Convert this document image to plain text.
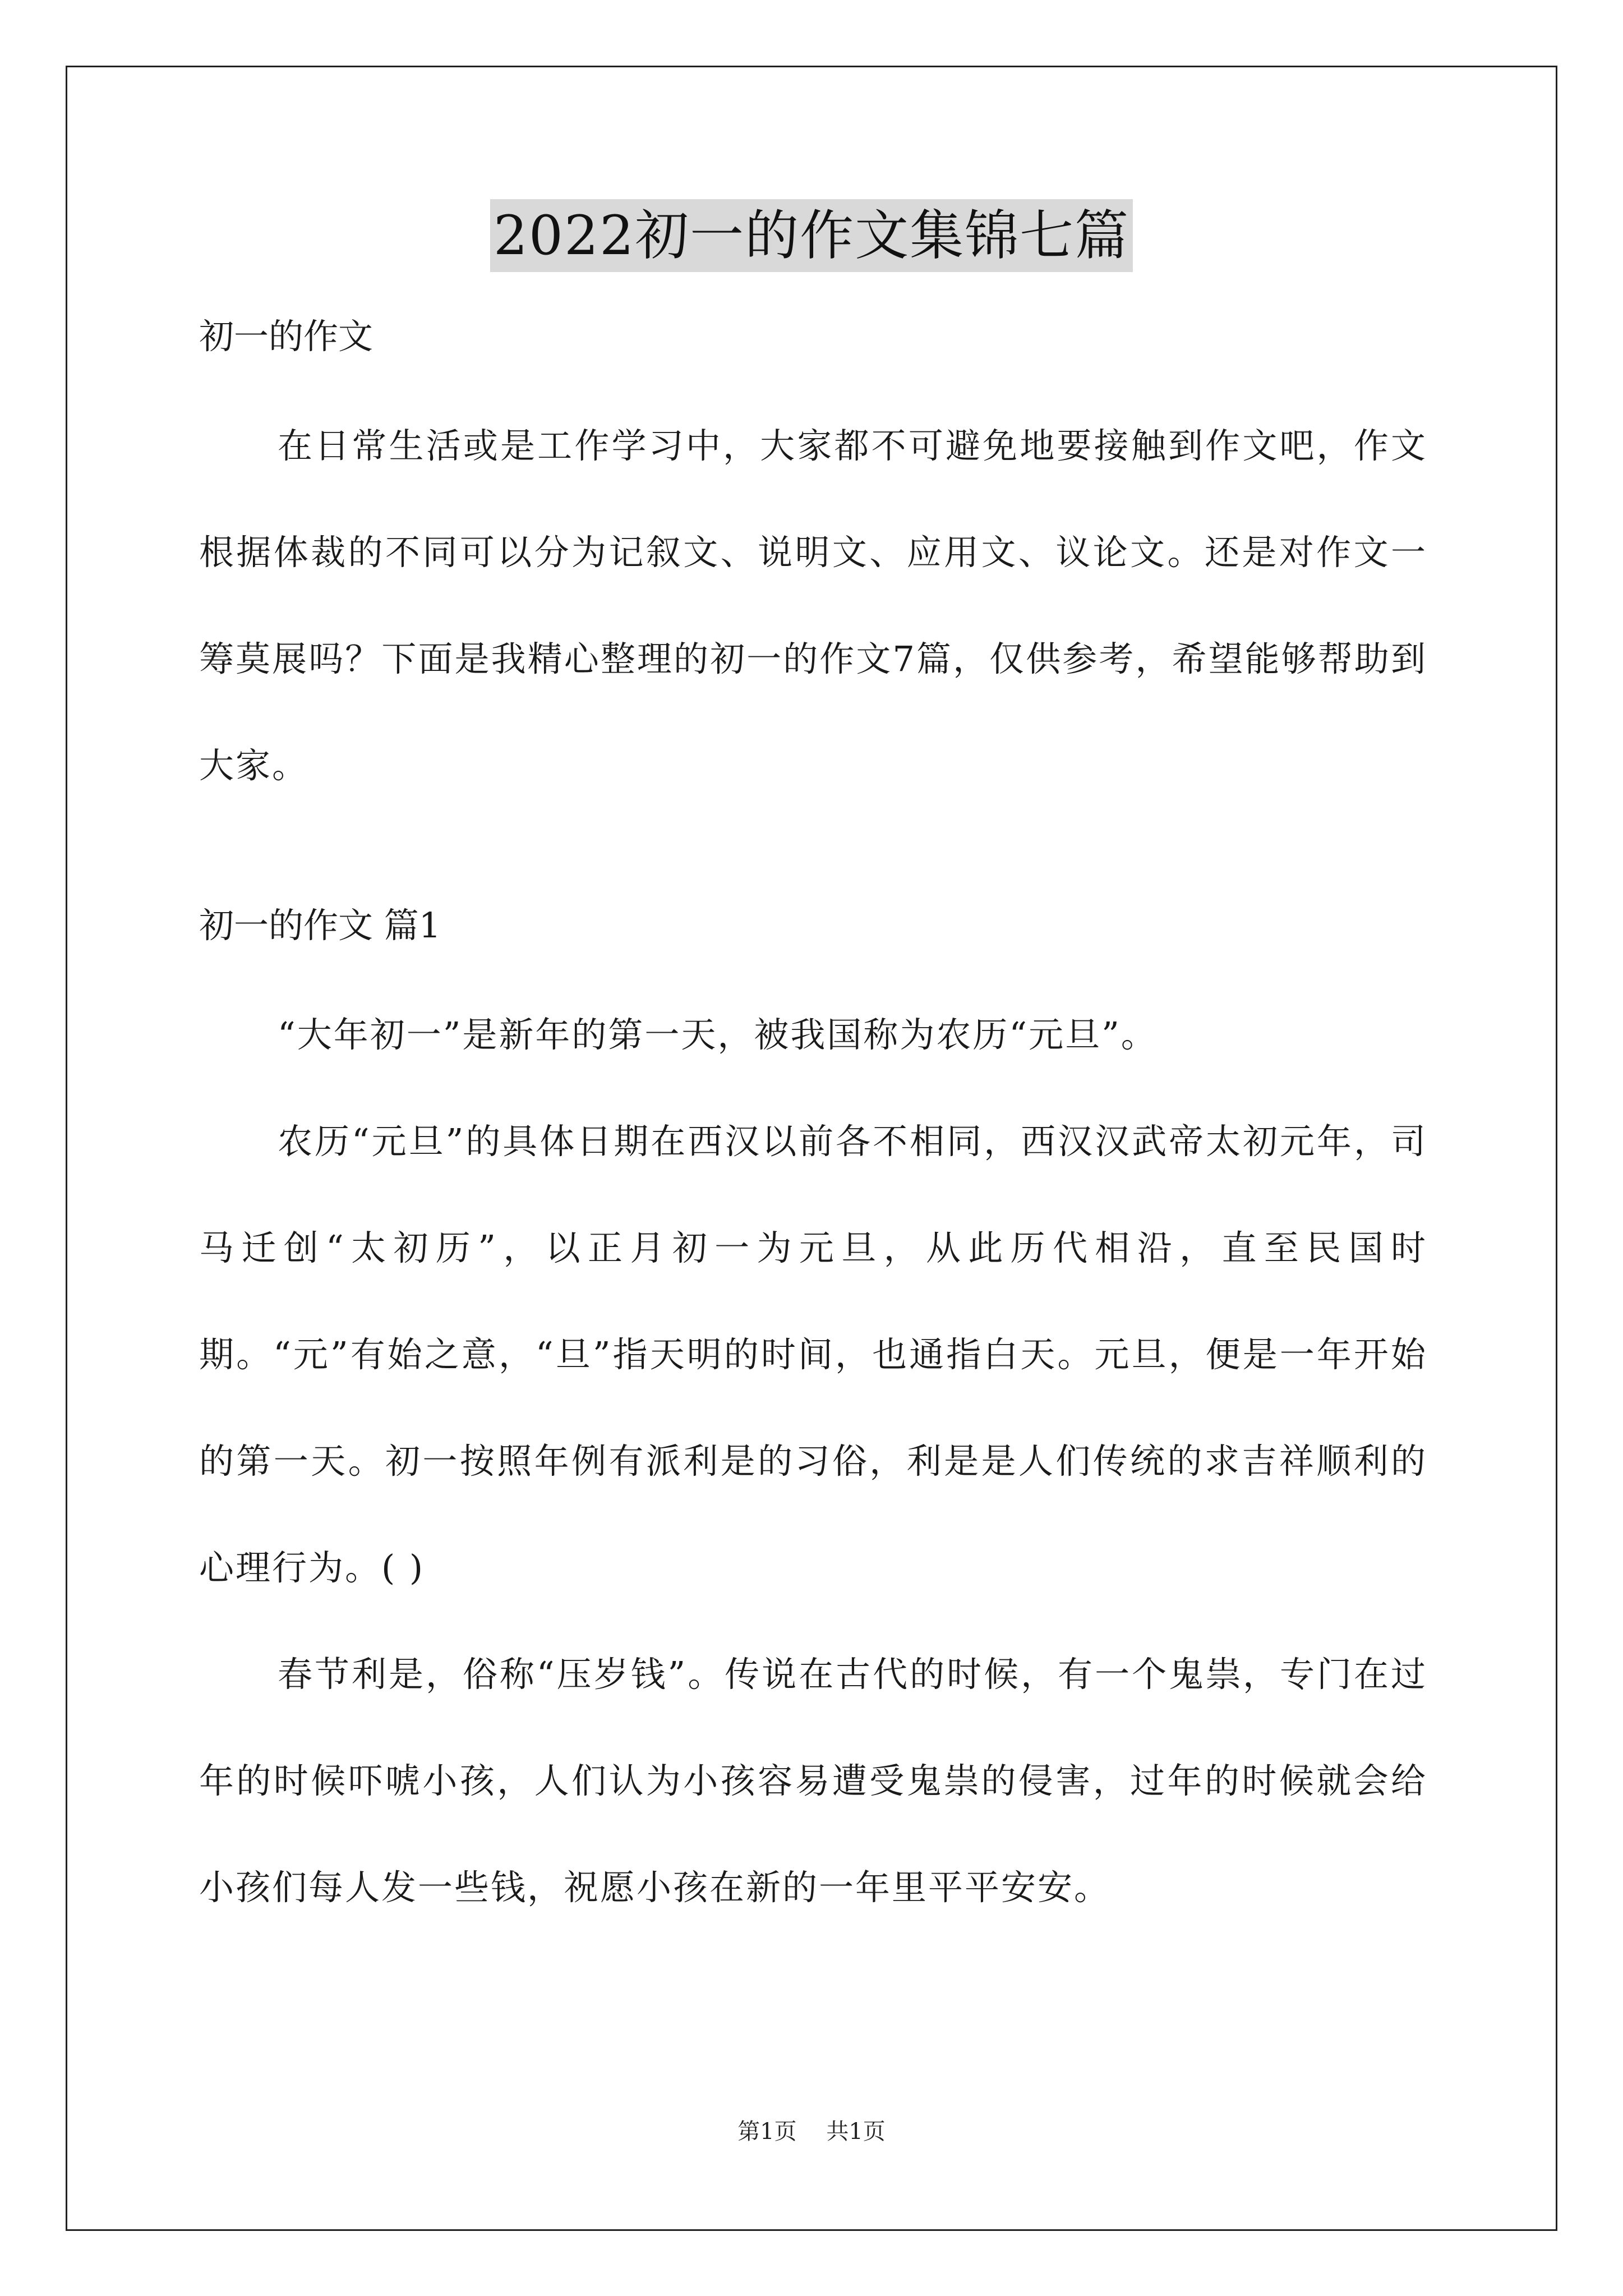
2022初一的作文集锦七篇

初一的作文

在日常生活或是工作学习中，大家都不可避免地要接触到作文吧，作文根据体裁的不同可以分为记叙文、说明文、应用文、议论文。还是对作文一筹莫展吗？下面是我精心整理的初一的作文7篇，仅供参考，希望能够帮助到大家。

初一的作文 篇1

“大年初一”是新年的第一天，被我国称为农历“元旦”。

农历“元旦”的具体日期在西汉以前各不相同，西汉汉武帝太初元年，司马迁创“太初历”，以正月初一为元旦，从此历代相沿，直至民国时期。“元”有始之意，“旦”指天明的时间，也通指白天。元旦，便是一年开始的第一天。初一按照年例有派利是的习俗，利是是人们传统的求吉祥顺利的心理行为。( )

春节利是，俗称“压岁钱”。传说在古代的时候，有一个鬼祟，专门在过年的时候吓唬小孩，人们认为小孩容易遭受鬼祟的侵害，过年的时候就会给小孩们每人发一些钱，祝愿小孩在新的一年里平平安安。

第1页 共1页
